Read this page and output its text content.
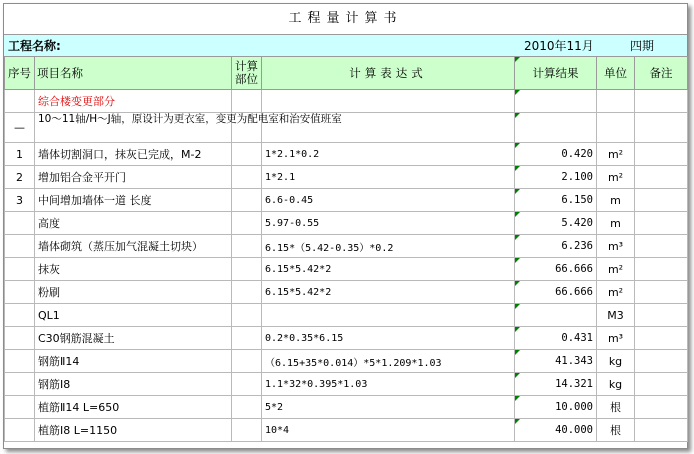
工程量计算书
工程名称:	2010年11月	四期
序号	项目名称	计算部位	计算表达式	计算结果	单位	备注
	综合楼变更部分			

—	10～11轴/H～J轴，原设计为更衣室，变更为配电室和治安值班室			

1	墙体切割洞口，抹灰已完成，M-2		1*2.1*0.2	0.420	m²	
2	增加铝合金平开门		1*2.1	2.100	m²	
3	中间增加墙体一道 长度		6.6-0.45	6.150	m	
	高度		5.97-0.55	5.420	m	
	墙体砌筑（蒸压加气混凝土切块）		6.15*（5.42-0.35）*0.2	6.236	m³	
	抹灰		6.15*5.42*2	66.666	m²	
	粉刷		6.15*5.42*2	66.666	m²	
	QL1				M3	
	C30钢筋混凝土		0.2*0.35*6.15	0.431	m³	
	钢筋Ⅱ14		（6.15+35*0.014）*5*1.209*1.03	41.343	kg	
	钢筋Ⅰ8		1.1*32*0.395*1.03	14.321	kg	
	植筋Ⅱ14 L=650		5*2	10.000	根	
	植筋Ⅰ8 L=1150		10*4	40.000	根	
